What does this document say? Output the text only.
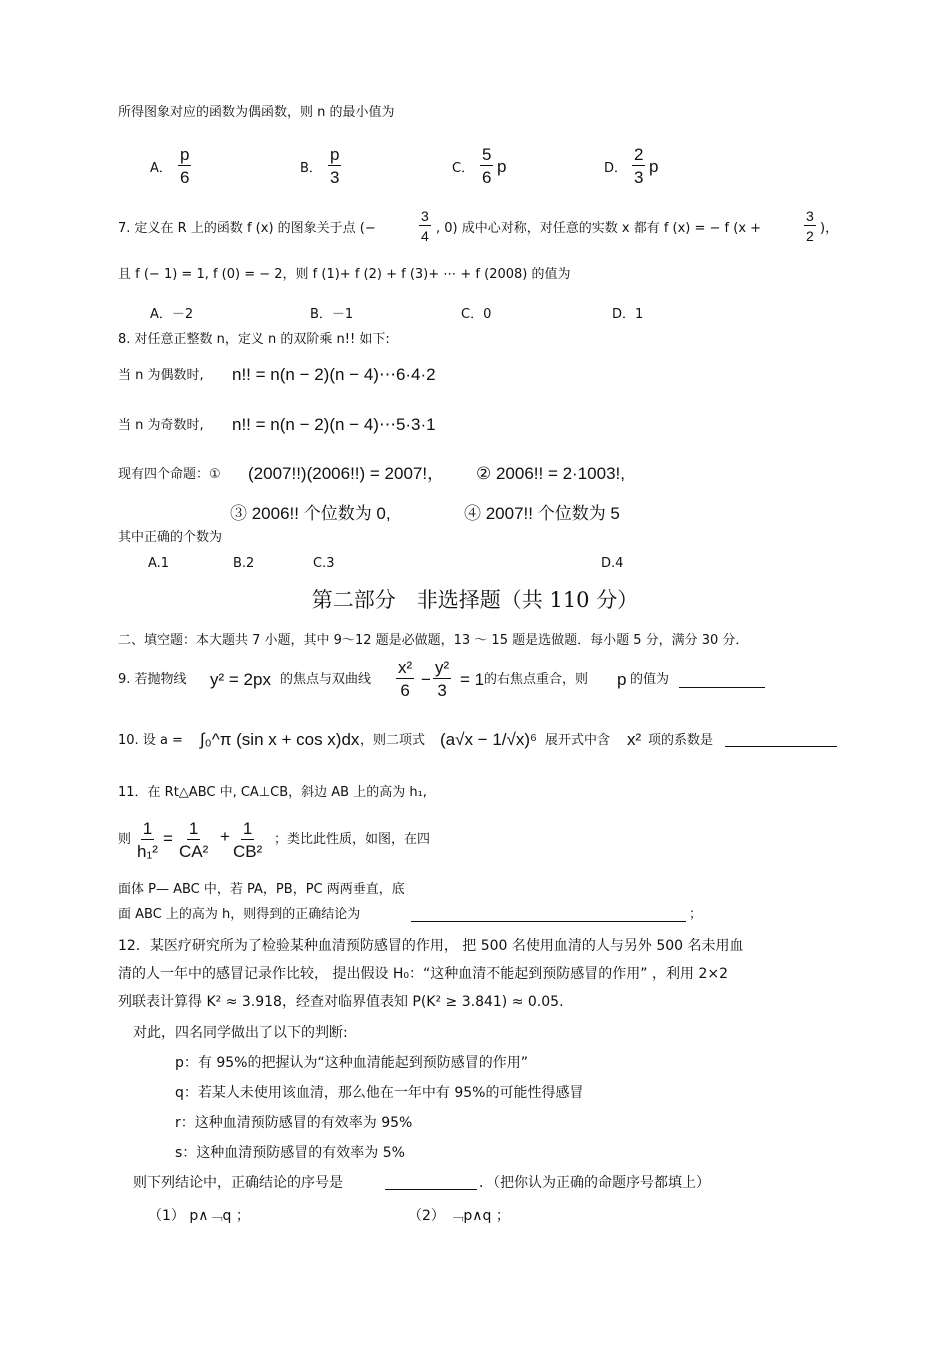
所得图象对应的函数为偶函数，则 n 的最小值为
A． $\frac{p}{6}$	B． $\frac{p}{3}$	C． $\frac{5}{6}$ p	D． $\frac{2}{3}$ p
7. 定义在 R 上的函数 f (x) 的图象关于点 (−	$\frac{3}{4}$ , 0) 成中心对称，对任意的实数 x 都有 f (x) = − f (x +	$\frac{3}{2}$ )，
且 f (− 1) = 1, f (0) = − 2，则 f (1)+ f (2) + f (3)+ ⋯ + f (2008) 的值为
A．－2	B．－1	C．0	D．1
8. 对任意正整数 n，定义 n 的双阶乘 n!! 如下:
当 n 为偶数时, n!! = n(n − 2)(n − 4)⋯6·4·2
当 n 为奇数时, n!! = n(n − 2)(n − 4)⋯5·3·1
现有四个命题：① (2007!!)(2006!!) = 2007!， ② 2006!! = 2·1003!,
③ 2006!! 个位数为 0,	④ 2007!! 个位数为 5
其中正确的个数为
A.1	B.2	C.3	D.4
第二部分　非选择题（共 110 分）
二、填空题：本大题共 7 小题，其中 9～12 题是必做题，13 ～ 15 题是选做题．每小题 5 分，满分 30 分．
9. 若抛物线 y² = 2px 的焦点与双曲线 $\frac{\text{x²}}{6} - \frac{\text{y²}}{3} = 1$ 的右焦点重合，则 p 的值为
10. 设 a = ∫₀^π (sin x + cos x)dx ，则二项式 (a√x − 1/√x)⁶ 展开式中含 x² 项的系数是
11．在 Rt△ABC 中, CA⊥CB，斜边 AB 上的高为 h₁,
则 $\frac{1}{\text{h₁²}} = \frac{1}{\text{CA²}} + \frac{1}{\text{CB²}}$ ；类比此性质，如图，在四
面体 P— ABC 中，若 PA，PB，PC 两两垂直，底
面 ABC 上的高为 h，则得到的正确结论为	；
12．某医疗研究所为了检验某种血清预防感冒的作用， 把 500 名使用血清的人与另外 500 名未用血
清的人一年中的感冒记录作比较， 提出假设 H₀：“这种血清不能起到预防感冒的作用” ，利用 2×2
列联表计算得 K² ≈ 3.918，经查对临界值表知 P(K² ≥ 3.841) ≈ 0.05.
对此，四名同学做出了以下的判断:
p：有 95%的把握认为“这种血清能起到预防感冒的作用”
q：若某人未使用该血清，那么他在一年中有 95%的可能性得感冒
r：这种血清预防感冒的有效率为 95%
s：这种血清预防感冒的有效率为 5%
则下列结论中，正确结论的序号是	．（把你认为正确的命题序号都填上）
（1） p∧﹁q ；	（2） ﹁p∧q ；
